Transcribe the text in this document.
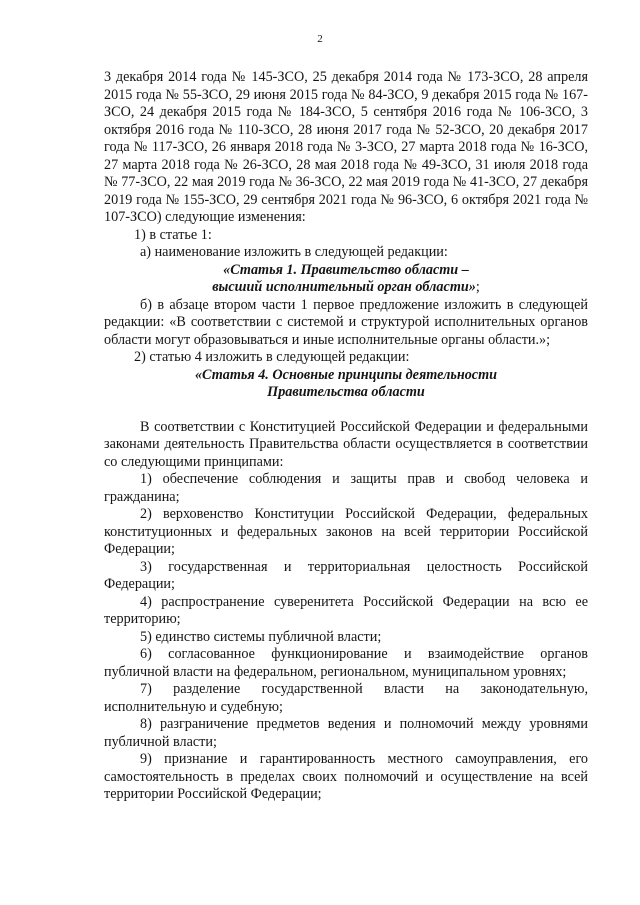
2

3 декабря 2014 года № 145-ЗСО, 25 декабря 2014 года № 173-ЗСО, 28 апреля 2015 года № 55-ЗСО, 29 июня 2015 года № 84-ЗСО, 9 декабря 2015 года № 167-ЗСО, 24 декабря 2015 года № 184-ЗСО, 5 сентября 2016 года № 106-ЗСО, 3 октября 2016 года № 110-ЗСО, 28 июня 2017 года № 52-ЗСО, 20 декабря 2017 года № 117-ЗСО, 26 января 2018 года № 3-ЗСО, 27 марта 2018 года № 16-ЗСО, 27 марта 2018 года № 26-ЗСО, 28 мая 2018 года № 49-ЗСО, 31 июля 2018 года № 77-ЗСО, 22 мая 2019 года № 36-ЗСО, 22 мая 2019 года № 41-ЗСО, 27 декабря 2019 года № 155-ЗСО, 29 сентября 2021 года № 96-ЗСО, 6 октября 2021 года № 107-ЗСО) следующие изменения:

1) в статье 1:

а) наименование изложить в следующей редакции:

«Статья 1. Правительство области –

высший исполнительный орган области»;

б) в абзаце втором части 1 первое предложение изложить в следующей редакции: «В соответствии с системой и структурой исполнительных органов области могут образовываться и иные исполнительные органы области.»;

2) статью 4 изложить в следующей редакции:

«Статья 4. Основные принципы деятельности

Правительства области

В соответствии с Конституцией Российской Федерации и федеральными законами деятельность Правительства области осуществляется в соответствии со следующими принципами:

1) обеспечение соблюдения и защиты прав и свобод человека и гражданина;

2) верховенство Конституции Российской Федерации, федеральных конституционных и федеральных законов на всей территории Российской Федерации;

3) государственная и территориальная целостность Российской Федерации;

4) распространение суверенитета Российской Федерации на всю ее территорию;

5) единство системы публичной власти;

6) согласованное функционирование и взаимодействие органов публичной власти на федеральном, региональном, муниципальном уровнях;

7) разделение государственной власти на законодательную, исполнительную и судебную;

8) разграничение предметов ведения и полномочий между уровнями публичной власти;

9) признание и гарантированность местного самоуправления, его самостоятельность в пределах своих полномочий и осуществление на всей территории Российской Федерации;
